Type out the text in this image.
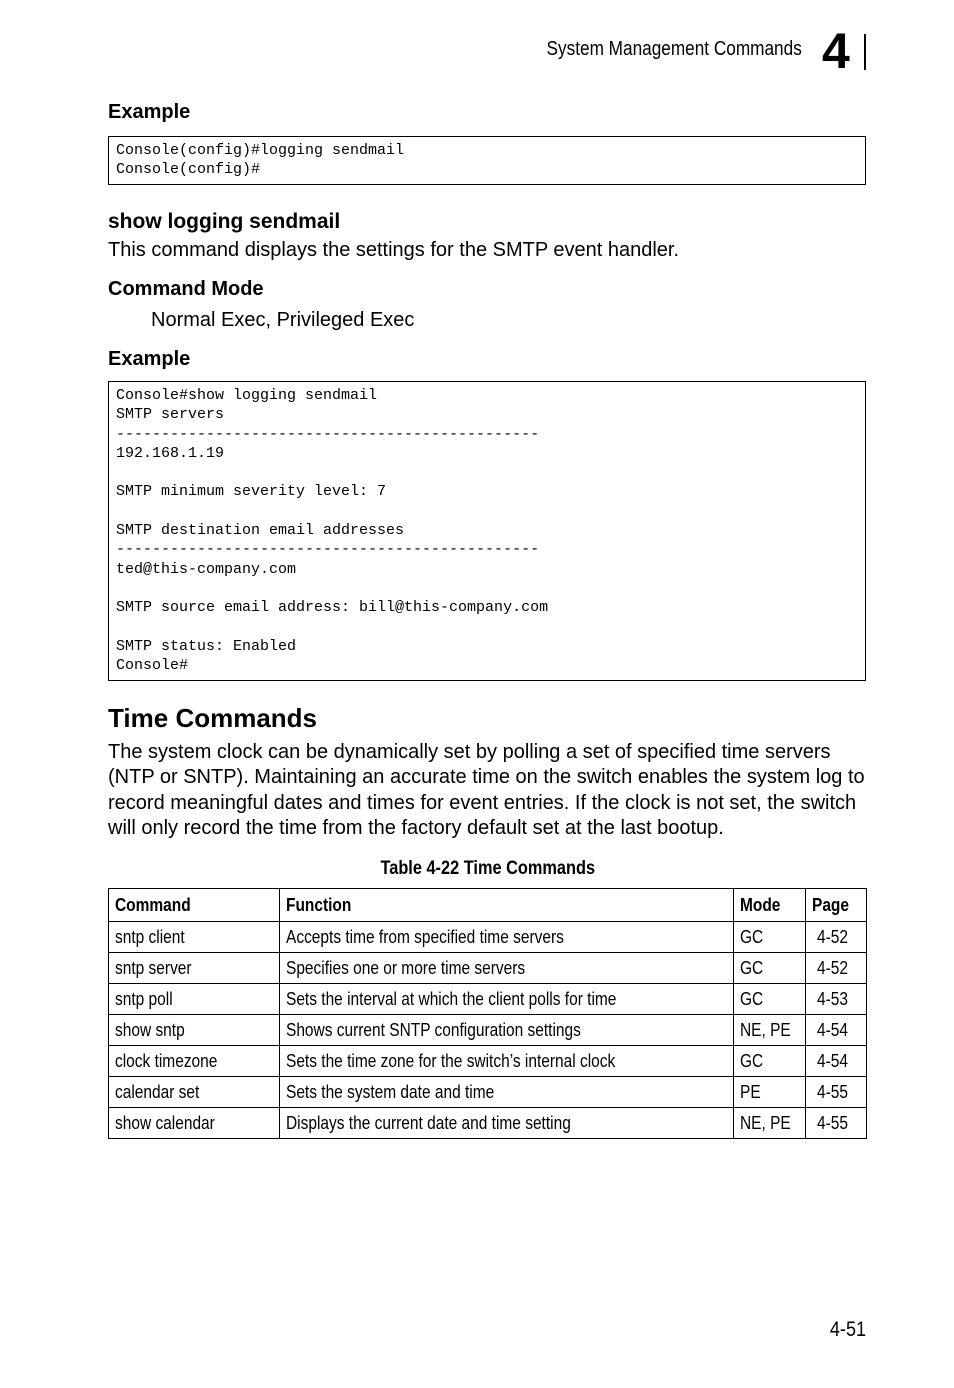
System Management Commands 4
Example
Console(config)#logging sendmail
Console(config)#
show logging sendmail
This command displays the settings for the SMTP event handler.
Command Mode
Normal Exec, Privileged Exec
Example
Console#show logging sendmail
SMTP servers
-----------------------------------------------
192.168.1.19

SMTP minimum severity level: 7

SMTP destination email addresses
-----------------------------------------------
ted@this-company.com

SMTP source email address: bill@this-company.com

SMTP status: Enabled
Console#
Time Commands

The system clock can be dynamically set by polling a set of specified time servers (NTP or SNTP). Maintaining an accurate time on the switch enables the system log to record meaningful dates and times for event entries. If the clock is not set, the switch will only record the time from the factory default set at the last bootup.

Table 4-22 Time Commands
Command	Function	Mode	Page
sntp client	Accepts time from specified time servers	GC	4-52
sntp server	Specifies one or more time servers	GC	4-52
sntp poll	Sets the interval at which the client polls for time	GC	4-53
show sntp	Shows current SNTP configuration settings	NE, PE	4-54
clock timezone	Sets the time zone for the switch’s internal clock	GC	4-54
calendar set	Sets the system date and time	PE	4-55
show calendar	Displays the current date and time setting	NE, PE	4-55
4-51
